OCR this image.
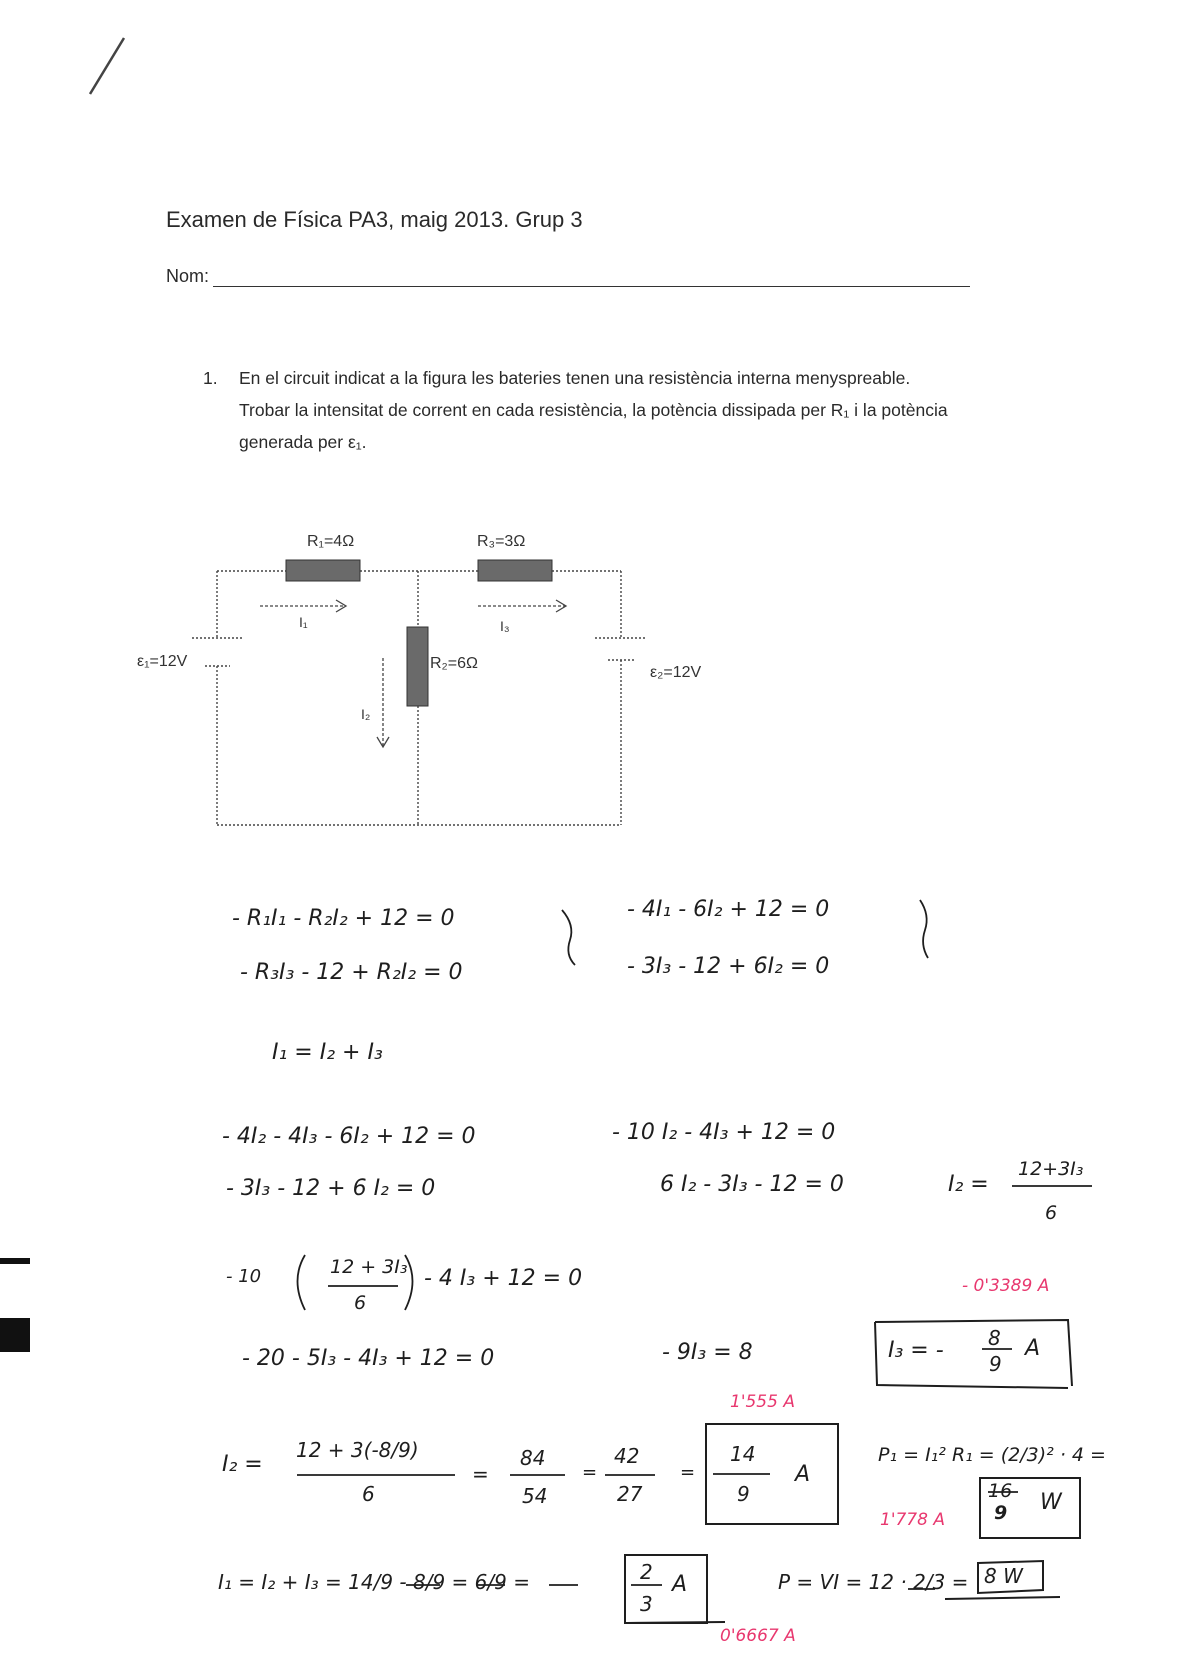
Examen de Física PA3, maig 2013. Grup 3
Nom:
1. En el circuit indicat a la figura les bateries tenen una resistència interna menyspreable.
Trobar la intensitat de corrent en cada resistència, la potència dissipada per R₁ i la potència
generada per ε₁.
R₁=4Ω	R₃=3Ω
R₂=6Ω
ε₁=12V
ε₂=12V
I₁	I₃
I₂
- R₁I₁ - R₂I₂ + 12 = 0
- R₃I₃ - 12 + R₂I₂ = 0
- 4I₁ - 6I₂ + 12 = 0
- 3I₃ - 12 + 6I₂ = 0
I₁ = I₂ + I₃
- 4I₂ - 4I₃ - 6I₂ + 12 = 0
- 3I₃ - 12 + 6 I₂ = 0
- 10 I₂ - 4I₃ + 12 = 0
6 I₂ - 3I₃ - 12 = 0	I₂ =
12+3I₃
6
- 10	12 + 3I₃
6
- 4 I₃ + 12 = 0
- 20 - 5I₃ - 4I₃ + 12 = 0	- 9I₃ = 8
- 0'3389 A
I₃ = - 8
9
A
1'555 A
I₂ =
12 + 3(-8/9)
6
=
84
54
=
42
27
=
14
9
A
P₁ = I₁² R₁ = (2/3)² · 4 =
16
9 W
1'778 A
I₁ = I₂ + I₃ = 14/9 - 8/9 = 6/9 =	2
3
A
0'6667 A
P = VI = 12 · 2/3 = 8 W
